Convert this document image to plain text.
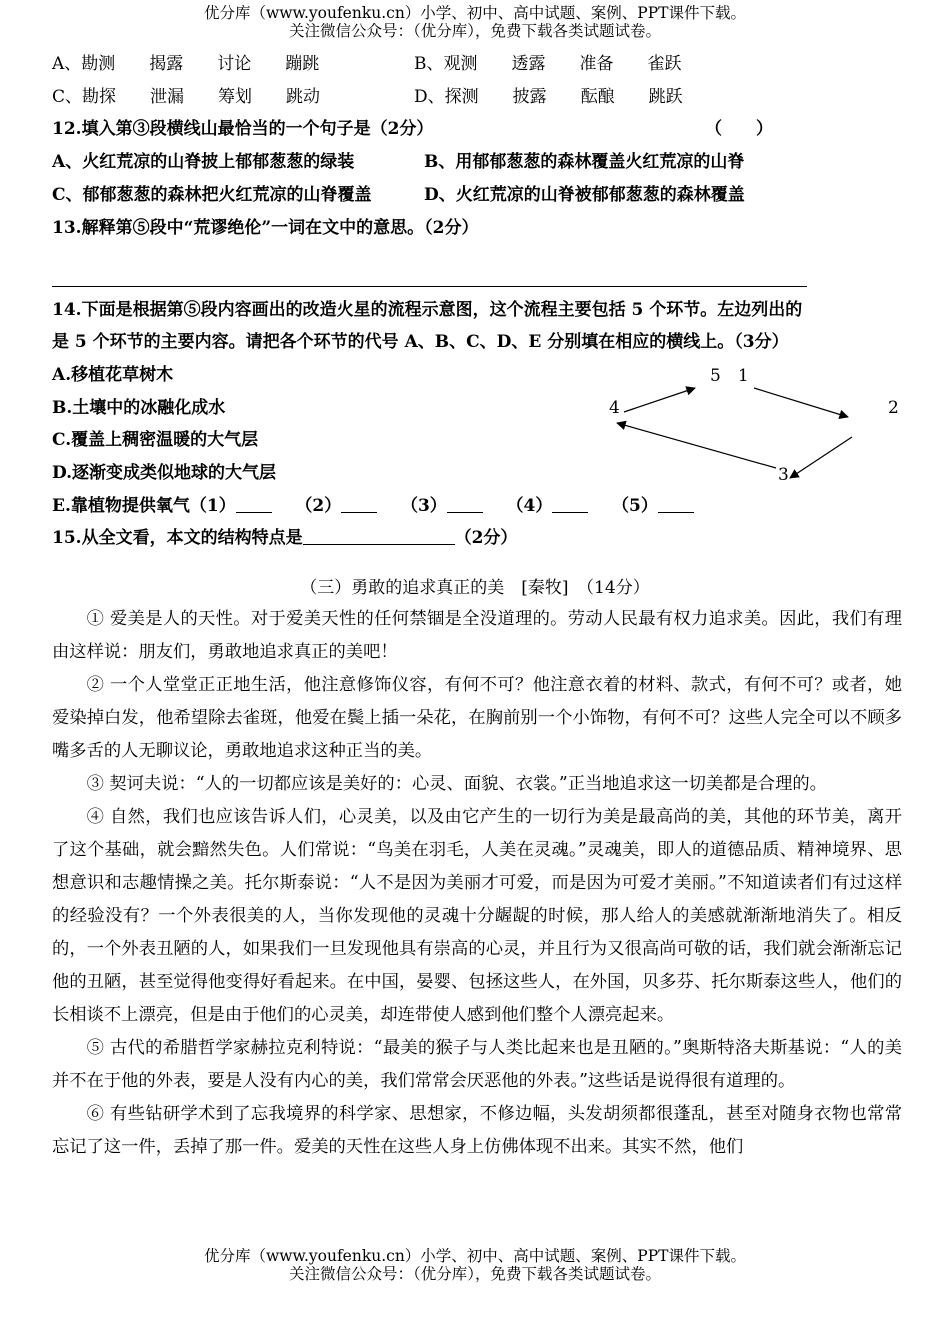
优分库（www.youfenku.cn）小学、初中、高中试题、案例、PPT课件下载。
关注微信公众号：（优分库），免费下载各类试题试卷。
A、勘测　　揭露　　讨论　　蹦跳	B、观测　　透露　　准备　　雀跃
C、勘探　　泄漏　　筹划　　跳动	D、探测　　披露　　酝酿　　跳跃
12.填入第③段横线山最恰当的一个句子是（2分）	（　　）
A、火红荒凉的山脊披上郁郁葱葱的绿装	B、用郁郁葱葱的森林覆盖火红荒凉的山脊
C、郁郁葱葱的森林把火红荒凉的山脊覆盖	D、火红荒凉的山脊被郁郁葱葱的森林覆盖
13.解释第⑤段中“荒谬绝伦”一词在文中的意思。（2分）
14.下面是根据第⑤段内容画出的改造火星的流程示意图，这个流程主要包括 5 个环节。左边列出的
是 5 个环节的主要内容。请把各个环节的代号 A、B、C、D、E 分别填在相应的横线上。（3分）
A.移植花草树木
B.土壤中的冰融化成水
C.覆盖上稠密温暖的大气层
D.逐渐变成类似地球的大气层
E.靠植物提供氧气（1）	（2）	（3）	（4）	（5）
5　1
4	2
3
15.从全文看，本文的结构特点是	（2分）
（三）勇敢的追求真正的美　[秦牧]　（14分）

① 爱美是人的天性。对于爱美天性的任何禁锢是全没道理的。劳动人民最有权力追求美。因此，我们有理由这样说：朋友们，勇敢地追求真正的美吧！

② 一个人堂堂正正地生活，他注意修饰仪容，有何不可？他注意衣着的材料、款式，有何不可？或者，她爱染掉白发，他希望除去雀斑，他爱在鬓上插一朵花，在胸前别一个小饰物，有何不可？这些人完全可以不顾多嘴多舌的人无聊议论，勇敢地追求这种正当的美。

③ 契诃夫说：“人的一切都应该是美好的：心灵、面貌、衣裳。”正当地追求这一切美都是合理的。

④ 自然，我们也应该告诉人们，心灵美，以及由它产生的一切行为美是最高尚的美，其他的环节美，离开了这个基础，就会黯然失色。人们常说：“鸟美在羽毛，人美在灵魂。”灵魂美，即人的道德品质、精神境界、思想意识和志趣情操之美。托尔斯泰说：“人不是因为美丽才可爱，而是因为可爱才美丽。”不知道读者们有过这样的经验没有？一个外表很美的人，当你发现他的灵魂十分龌龊的时候，那人给人的美感就渐渐地消失了。相反的，一个外表丑陋的人，如果我们一旦发现他具有崇高的心灵，并且行为又很高尚可敬的话，我们就会渐渐忘记他的丑陋，甚至觉得他变得好看起来。在中国，晏婴、包拯这些人，在外国，贝多芬、托尔斯泰这些人，他们的长相谈不上漂亮，但是由于他们的心灵美，却连带使人感到他们整个人漂亮起来。

⑤ 古代的希腊哲学家赫拉克利特说：“最美的猴子与人类比起来也是丑陋的。”奥斯特洛夫斯基说：“人的美并不在于他的外表，要是人没有内心的美，我们常常会厌恶他的外表。”这些话是说得很有道理的。

⑥ 有些钻研学术到了忘我境界的科学家、思想家，不修边幅，头发胡须都很蓬乱，甚至对随身衣物也常常忘记了这一件，丢掉了那一件。爱美的天性在这些人身上仿佛体现不出来。其实不然，他们

优分库（www.youfenku.cn）小学、初中、高中试题、案例、PPT课件下载。
关注微信公众号：（优分库），免费下载各类试题试卷。
